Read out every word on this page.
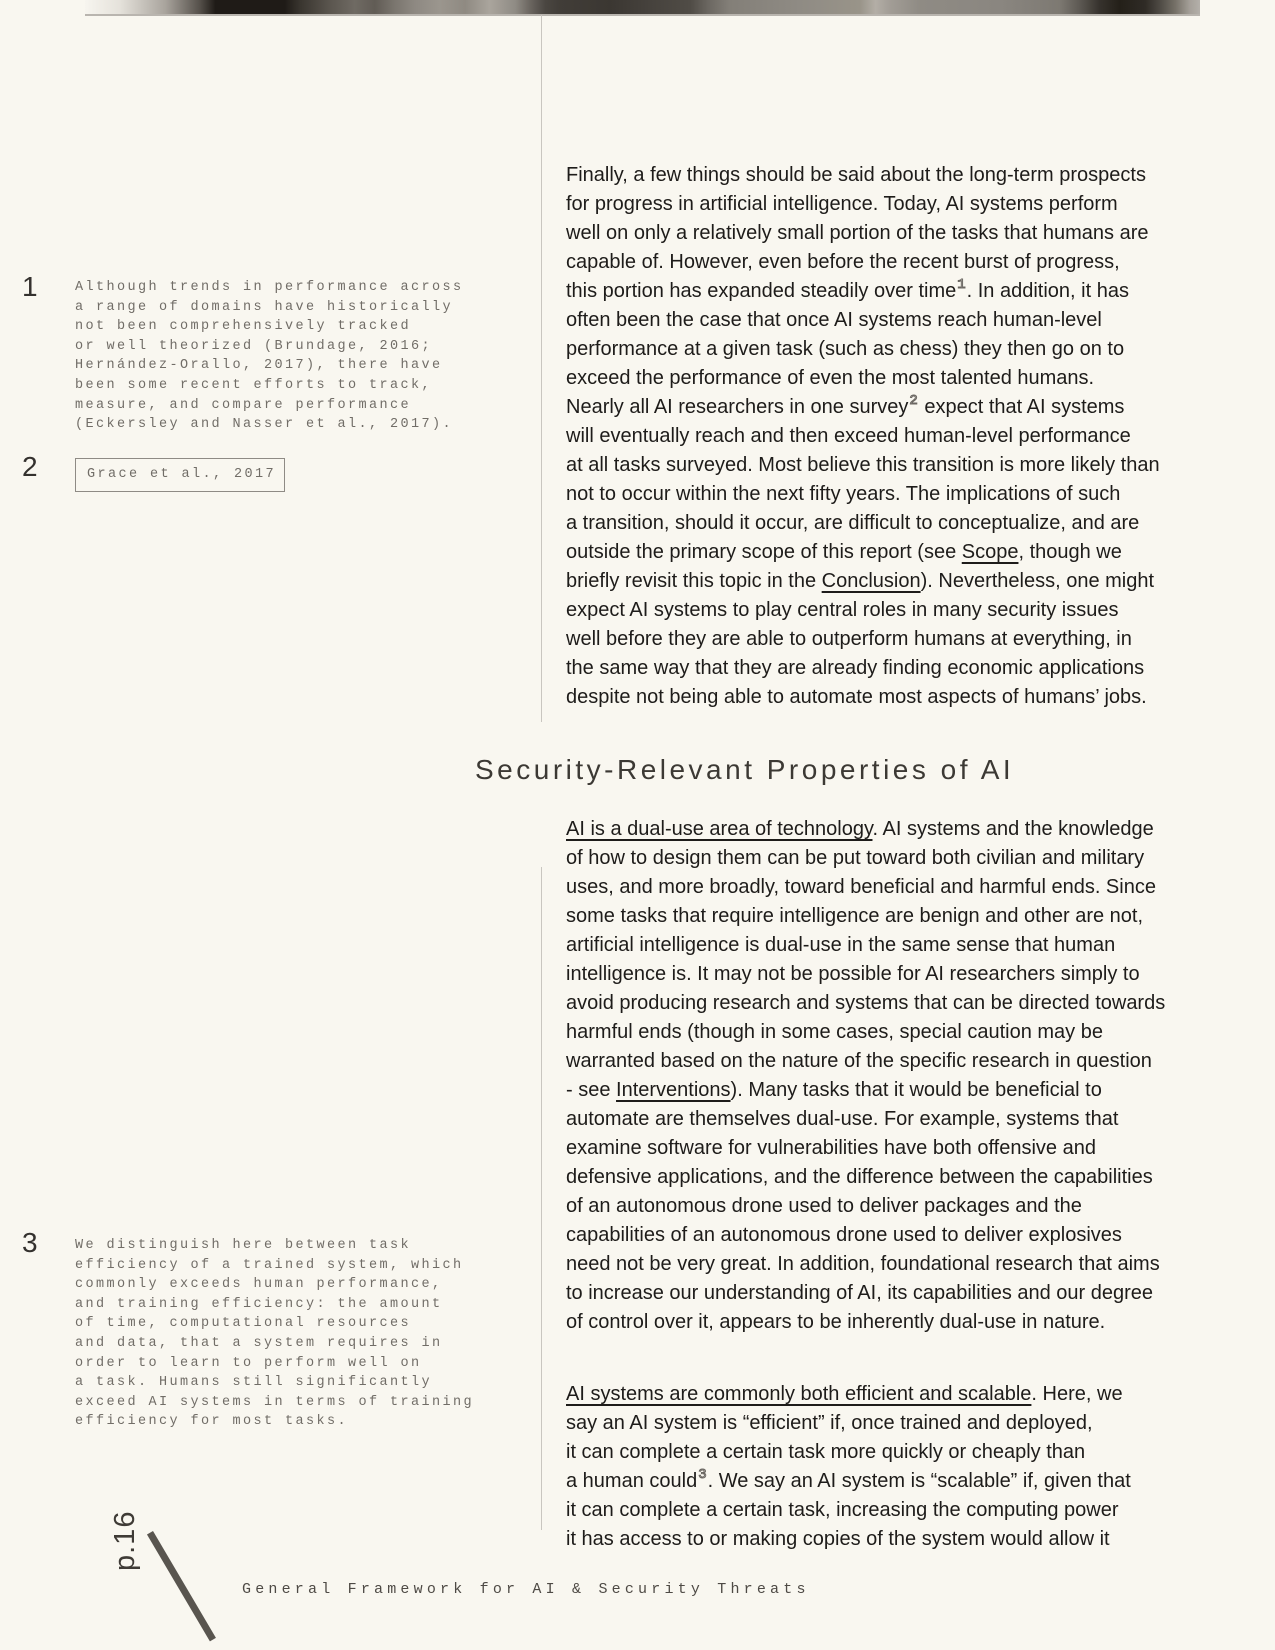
1	Although trends in performance across
a range of domains have historically
not been comprehensively tracked
or well theorized (Brundage, 2016;
Hernández-Orallo, 2017), there have
been some recent efforts to track,
measure, and compare performance
(Eckersley and Nasser et al., 2017).
2	Grace et al., 2017
3	We distinguish here between task
efficiency of a trained system, which
commonly exceeds human performance,
and training efficiency: the amount
of time, computational resources
and data, that a system requires in
order to learn to perform well on
a task. Humans still significantly
exceed AI systems in terms of training
efficiency for most tasks.
Finally, a few things should be said about the long-term prospects
for progress in artificial intelligence. Today, AI systems perform
well on only a relatively small portion of the tasks that humans are
capable of. However, even before the recent burst of progress,
this portion has expanded steadily over time$^1$. In addition, it has
often been the case that once AI systems reach human-level
performance at a given task (such as chess) they then go on to
exceed the performance of even the most talented humans.
Nearly all AI researchers in one survey$^2$ expect that AI systems
will eventually reach and then exceed human-level performance
at all tasks surveyed. Most believe this transition is more likely than
not to occur within the next fifty years. The implications of such
a transition, should it occur, are difficult to conceptualize, and are
outside the primary scope of this report (see Scope, though we
briefly revisit this topic in the Conclusion). Nevertheless, one might
expect AI systems to play central roles in many security issues
well before they are able to outperform humans at everything, in
the same way that they are already finding economic applications
despite not being able to automate most aspects of humans’ jobs.
Security-Relevant Properties of AI
AI is a dual-use area of technology. AI systems and the knowledge
of how to design them can be put toward both civilian and military
uses, and more broadly, toward beneficial and harmful ends. Since
some tasks that require intelligence are benign and other are not,
artificial intelligence is dual-use in the same sense that human
intelligence is. It may not be possible for AI researchers simply to
avoid producing research and systems that can be directed towards
harmful ends (though in some cases, special caution may be
warranted based on the nature of the specific research in question
- see Interventions). Many tasks that it would be beneficial to
automate are themselves dual-use. For example, systems that
examine software for vulnerabilities have both offensive and
defensive applications, and the difference between the capabilities
of an autonomous drone used to deliver packages and the
capabilities of an autonomous drone used to deliver explosives
need not be very great. In addition, foundational research that aims
to increase our understanding of AI, its capabilities and our degree
of control over it, appears to be inherently dual-use in nature.
AI systems are commonly both efficient and scalable. Here, we
say an AI system is “efficient” if, once trained and deployed,
it can complete a certain task more quickly or cheaply than
a human could$^3$. We say an AI system is “scalable” if, given that
it can complete a certain task, increasing the computing power
it has access to or making copies of the system would allow it
p.16
General Framework for AI & Security Threats
